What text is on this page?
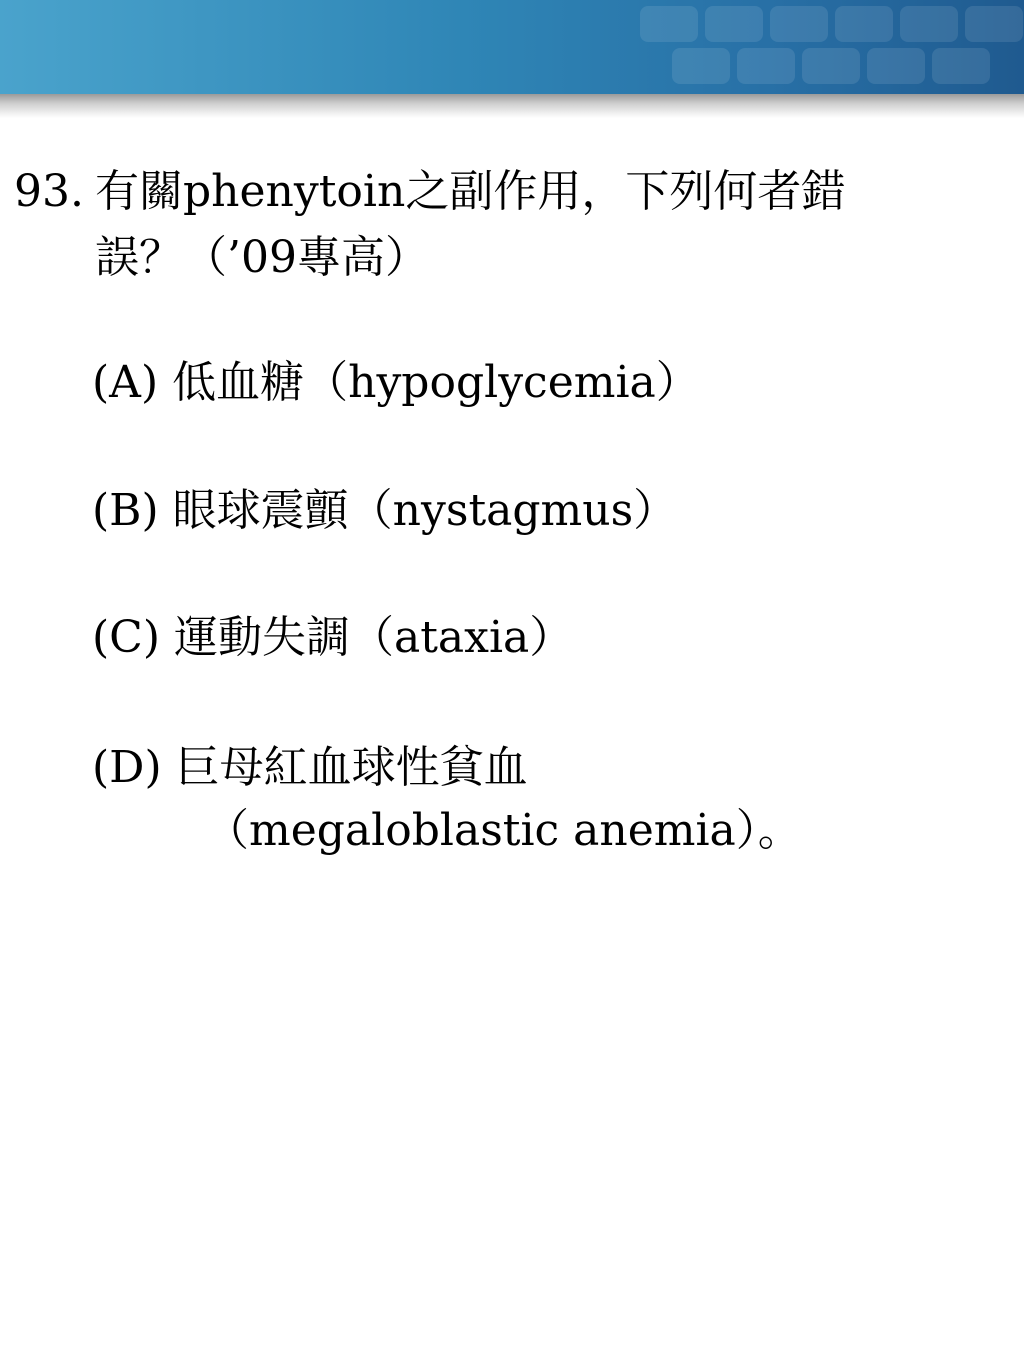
93. 有關phenytoin之副作用，下列何者錯
誤？（’09專高）
(A) 低血糖（hypoglycemia）
(B) 眼球震顫（nystagmus）
(C) 運動失調（ataxia）
(D) 巨母紅血球性貧血
（megaloblastic anemia）。
